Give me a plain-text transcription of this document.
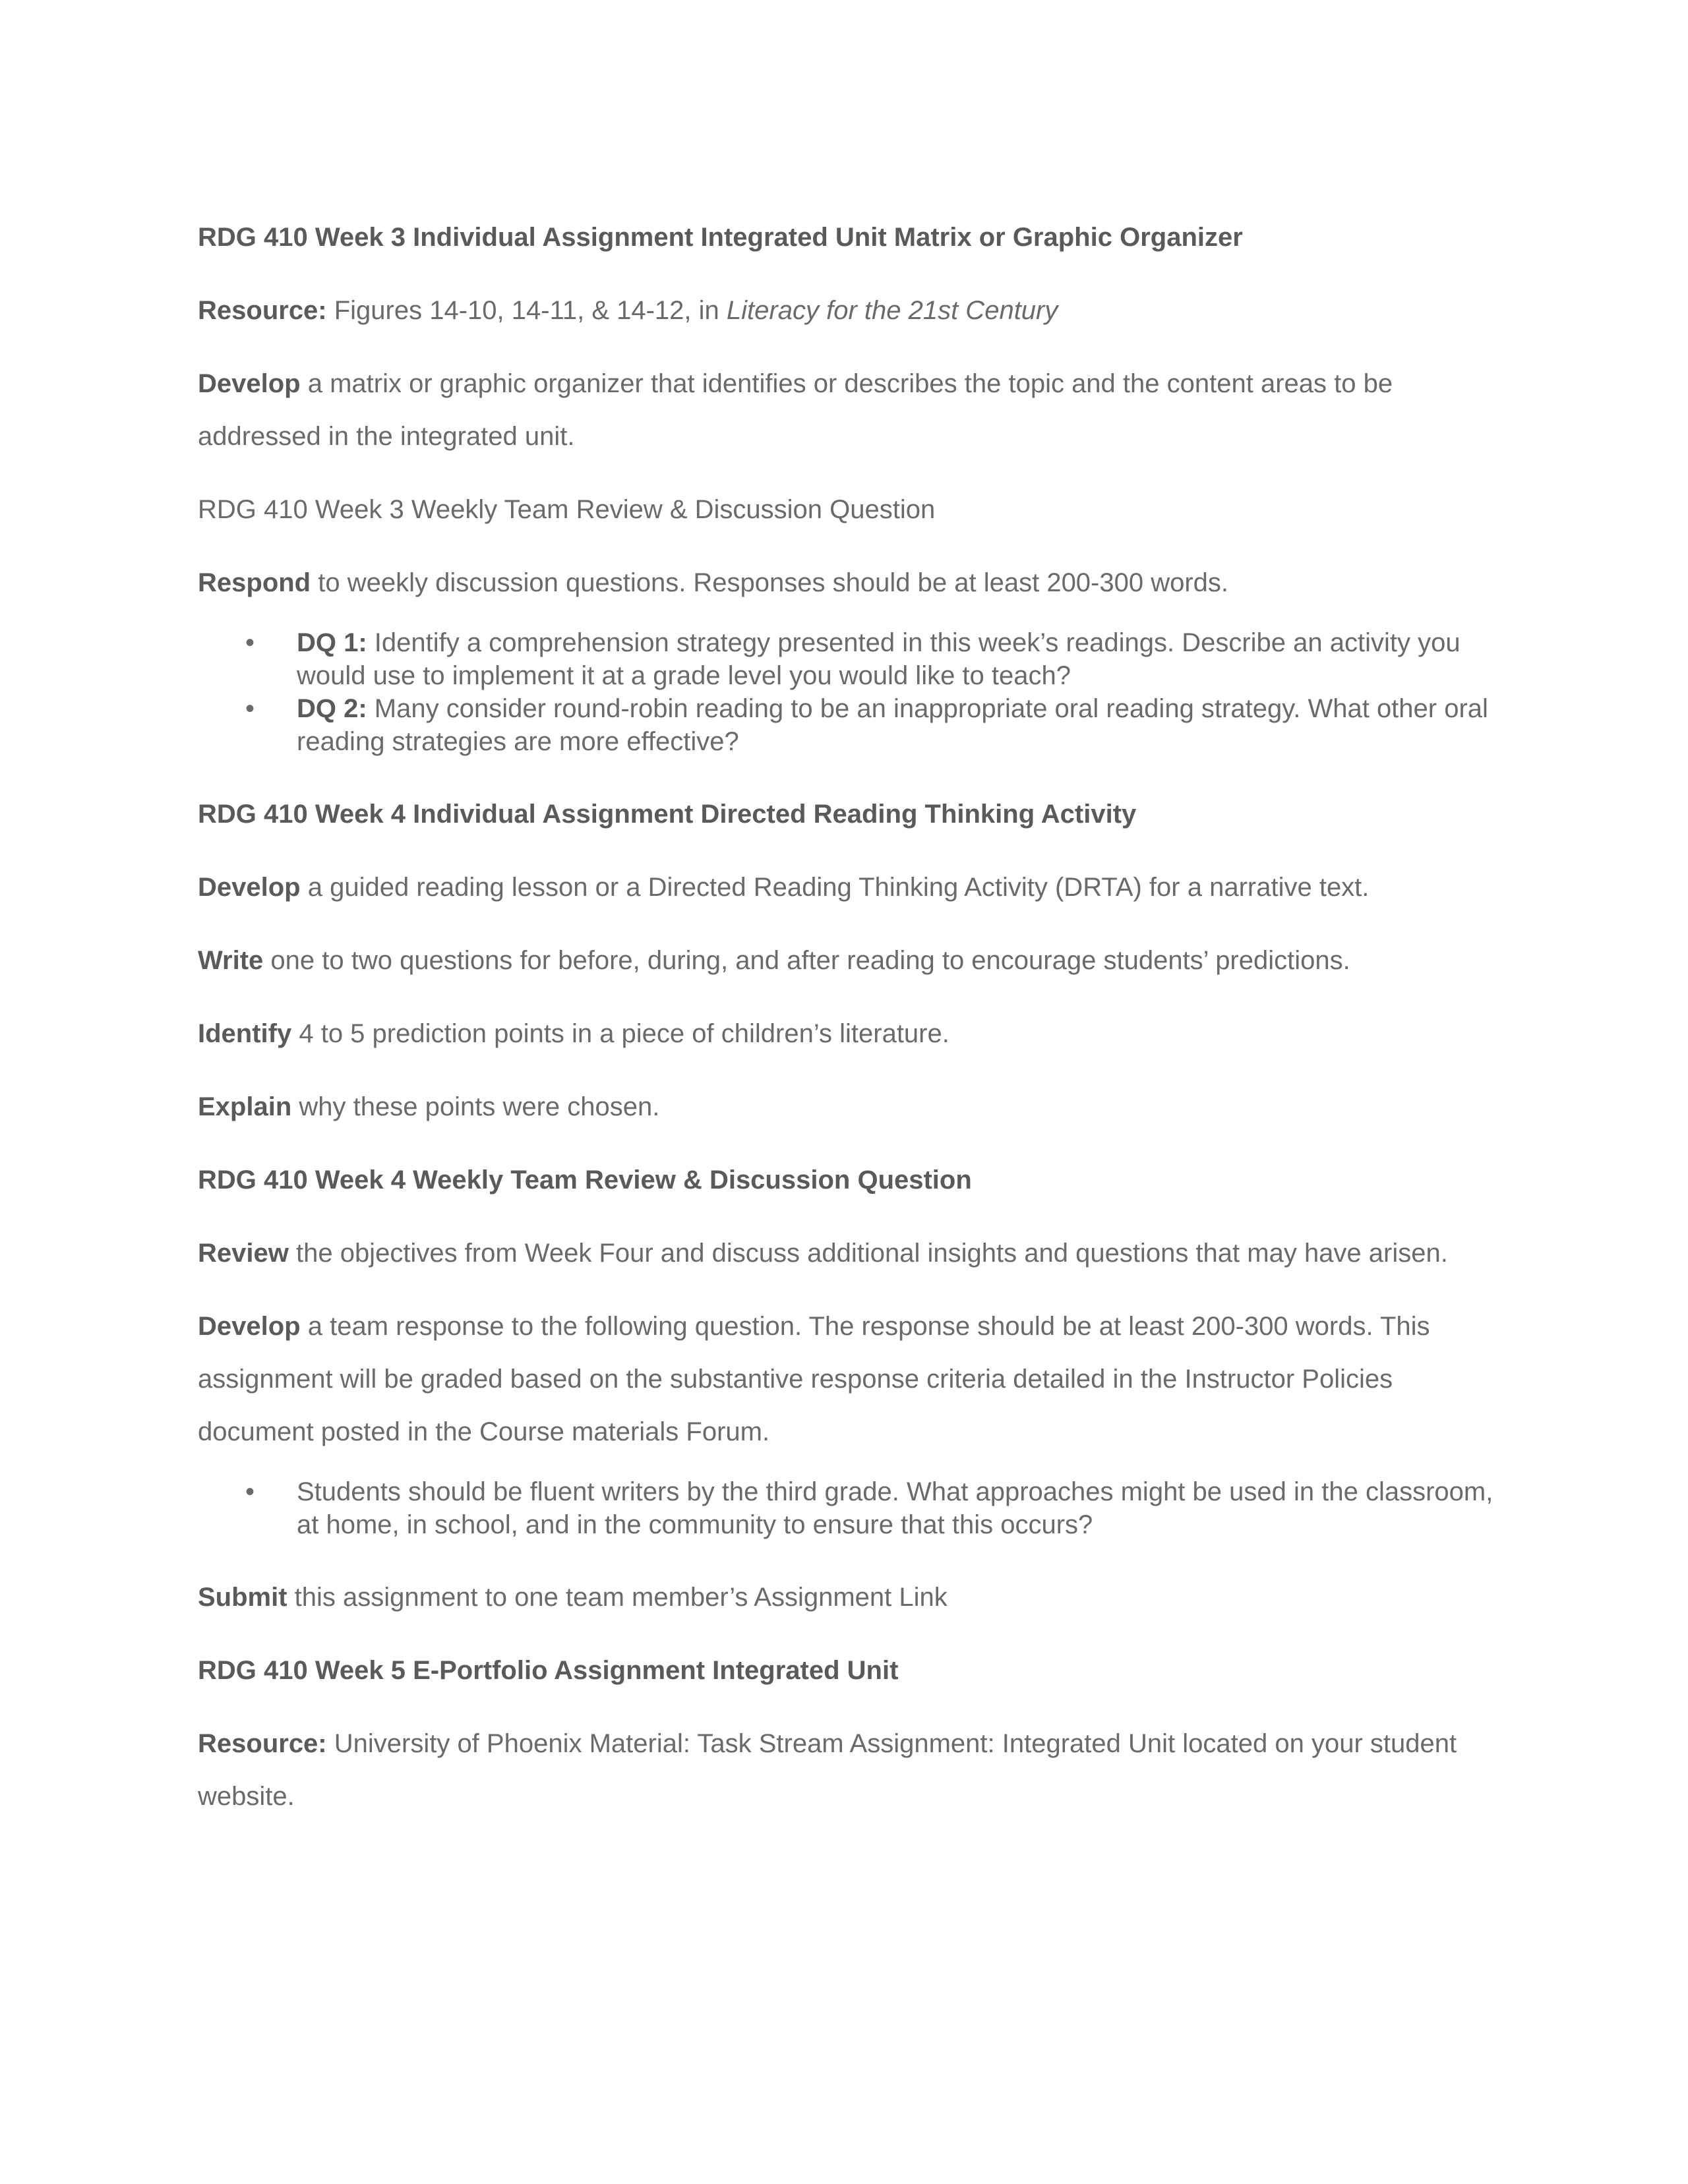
RDG 410 Week 3 Individual Assignment Integrated Unit Matrix or Graphic Organizer

Resource: Figures 14-10, 14-11, & 14-12, in Literacy for the 21st Century

Develop a matrix or graphic organizer that identifies or describes the topic and the content areas to be addressed in the integrated unit.

RDG 410 Week 3 Weekly Team Review & Discussion Question

Respond to weekly discussion questions. Responses should be at least 200-300 words.

• DQ 1: Identify a comprehension strategy presented in this week’s readings. Describe an activity you would use to implement it at a grade level you would like to teach?
• DQ 2: Many consider round-robin reading to be an inappropriate oral reading strategy. What other oral reading strategies are more effective?

RDG 410 Week 4 Individual Assignment Directed Reading Thinking Activity

Develop a guided reading lesson or a Directed Reading Thinking Activity (DRTA) for a narrative text.

Write one to two questions for before, during, and after reading to encourage students’ predictions.

Identify 4 to 5 prediction points in a piece of children’s literature.

Explain why these points were chosen.

RDG 410 Week 4 Weekly Team Review & Discussion Question

Review the objectives from Week Four and discuss additional insights and questions that may have arisen.

Develop a team response to the following question. The response should be at least 200-300 words. This assignment will be graded based on the substantive response criteria detailed in the Instructor Policies document posted in the Course materials Forum.

• Students should be fluent writers by the third grade. What approaches might be used in the classroom, at home, in school, and in the community to ensure that this occurs?

Submit this assignment to one team member’s Assignment Link

RDG 410 Week 5 E-Portfolio Assignment Integrated Unit

Resource: University of Phoenix Material: Task Stream Assignment: Integrated Unit located on your student website.
